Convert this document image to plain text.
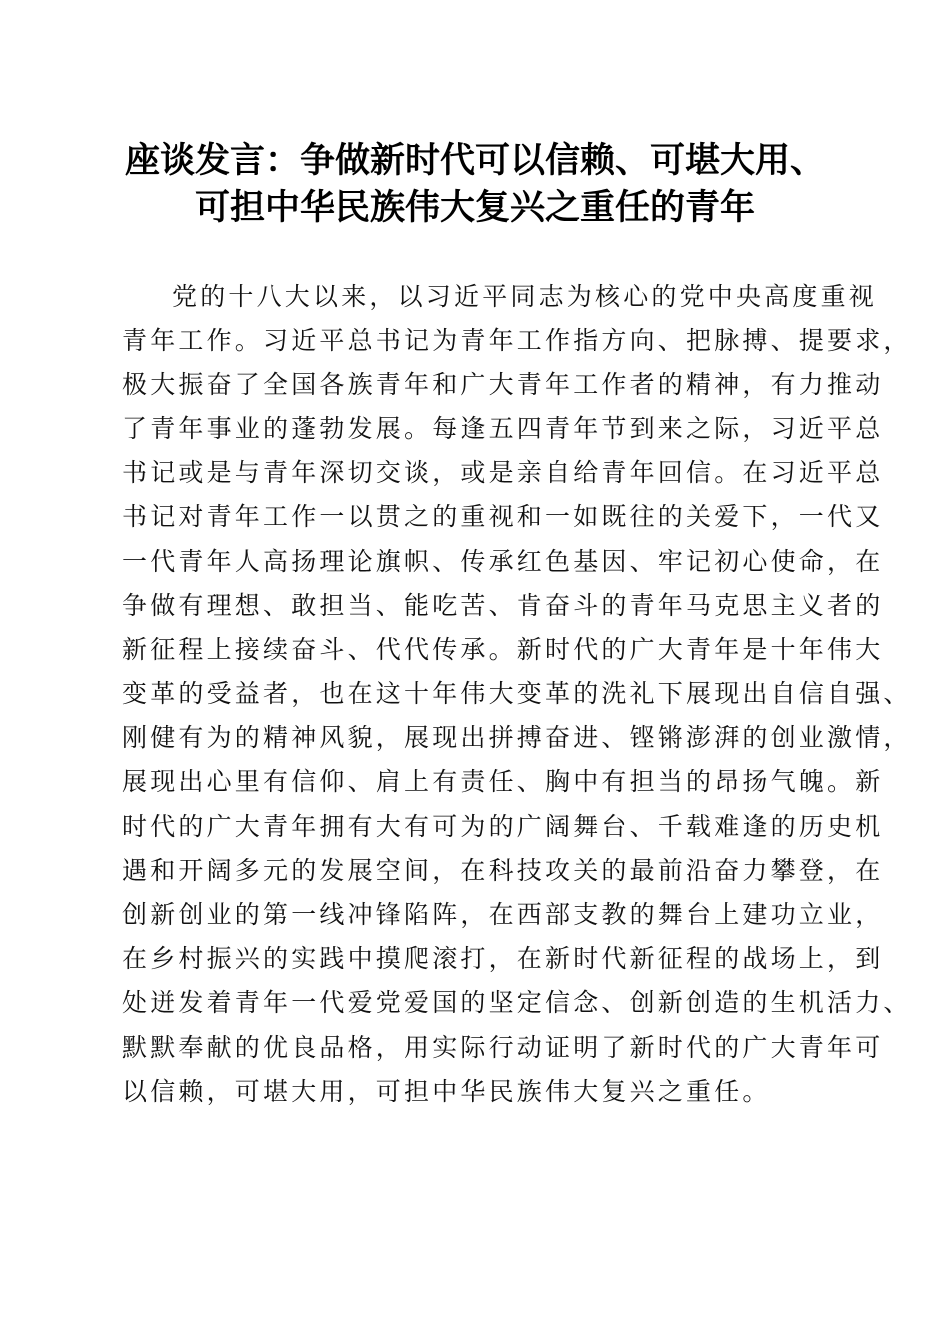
座谈发言：争做新时代可以信赖、可堪大用、
可担中华民族伟大复兴之重任的青年
党的十八大以来，以习近平同志为核心的党中央高度重视
青年工作。习近平总书记为青年工作指方向、把脉搏、提要求，
极大振奋了全国各族青年和广大青年工作者的精神，有力推动
了青年事业的蓬勃发展。每逢五四青年节到来之际，习近平总
书记或是与青年深切交谈，或是亲自给青年回信。在习近平总
书记对青年工作一以贯之的重视和一如既往的关爱下，一代又
一代青年人高扬理论旗帜、传承红色基因、牢记初心使命，在
争做有理想、敢担当、能吃苦、肯奋斗的青年马克思主义者的
新征程上接续奋斗、代代传承。新时代的广大青年是十年伟大
变革的受益者，也在这十年伟大变革的洗礼下展现出自信自强、
刚健有为的精神风貌，展现出拼搏奋进、铿锵澎湃的创业激情，
展现出心里有信仰、肩上有责任、胸中有担当的昂扬气魄。新
时代的广大青年拥有大有可为的广阔舞台、千载难逢的历史机
遇和开阔多元的发展空间，在科技攻关的最前沿奋力攀登，在
创新创业的第一线冲锋陷阵，在西部支教的舞台上建功立业，
在乡村振兴的实践中摸爬滚打，在新时代新征程的战场上，到
处迸发着青年一代爱党爱国的坚定信念、创新创造的生机活力、
默默奉献的优良品格，用实际行动证明了新时代的广大青年可
以信赖，可堪大用，可担中华民族伟大复兴之重任。
